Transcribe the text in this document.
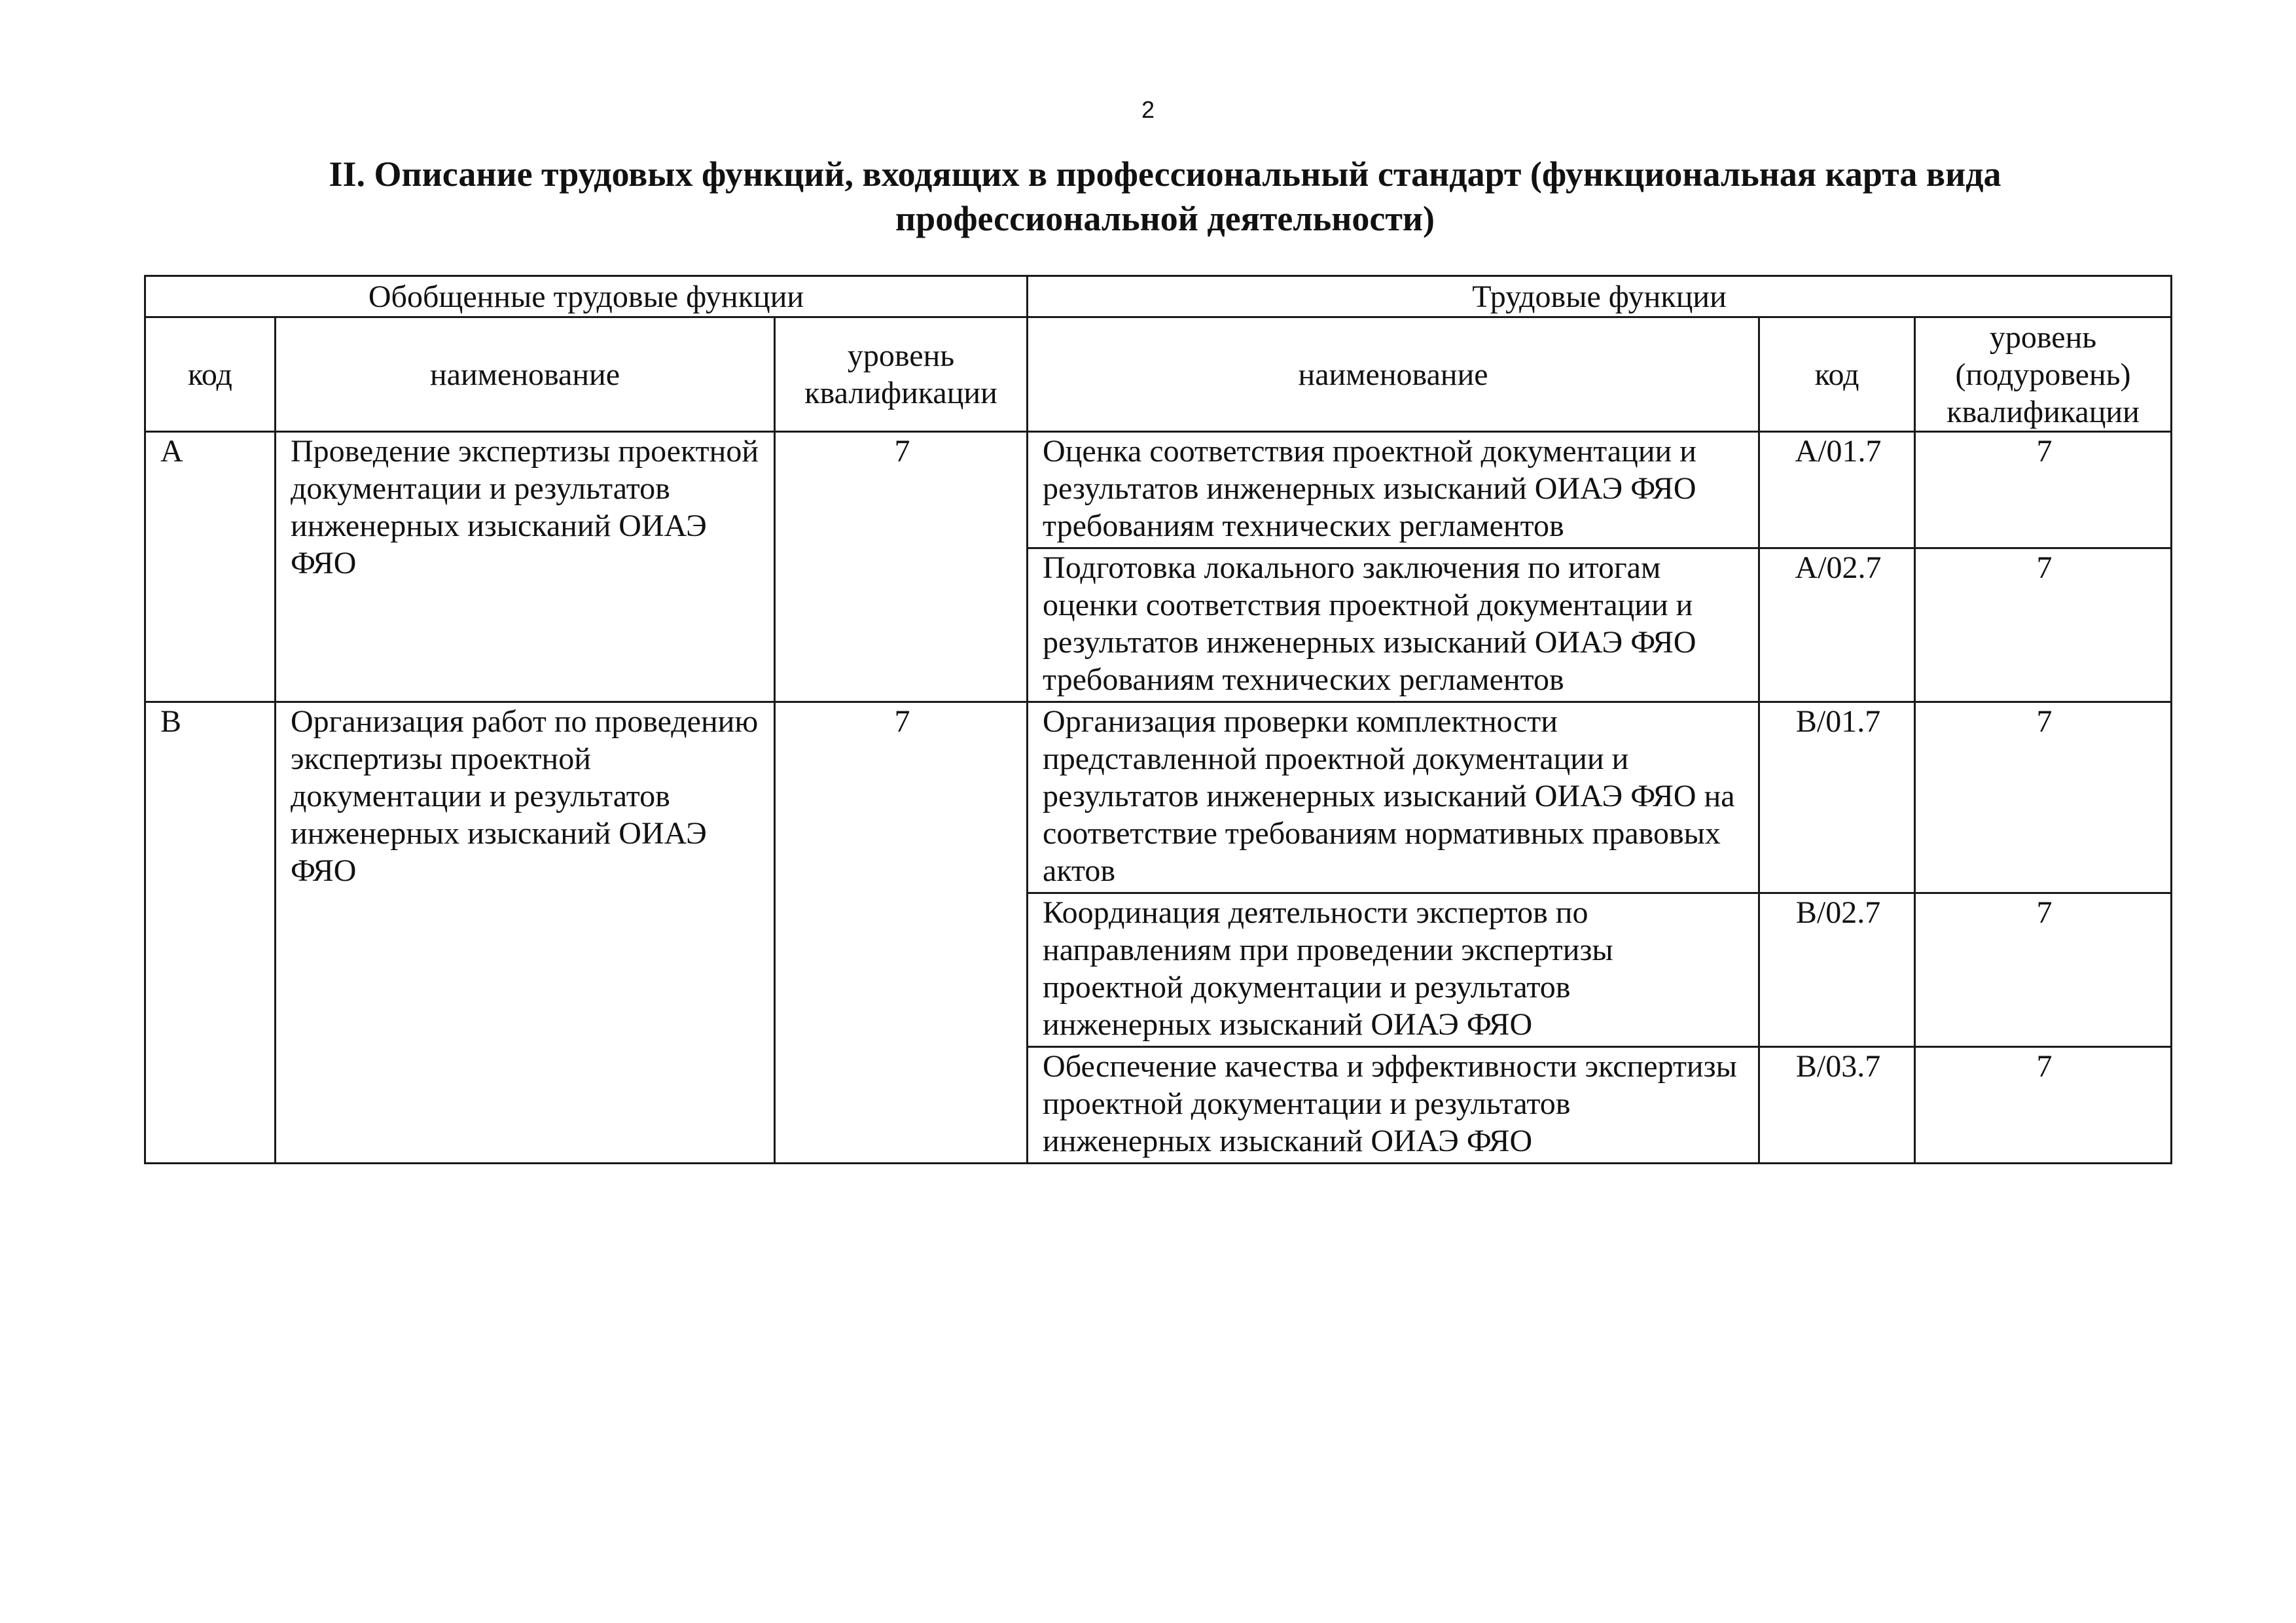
2
II. Описание трудовых функций, входящих в профессиональный стандарт (функциональная карта вида профессиональной деятельности)
Обобщенные трудовые функции			Трудовые функции		
код	наименование	уровень квалификации	наименование	код	уровень (подуровень) квалификации
А	Проведение экспертизы проектной документации и результатов инженерных изысканий ОИАЭ ФЯО	7	Оценка соответствия проектной документации и результатов инженерных изысканий ОИАЭ ФЯО требованиям технических регламентов	А/01.7	7
			Подготовка локального заключения по итогам оценки соответствия проектной документации и результатов инженерных изысканий ОИАЭ ФЯО требованиям технических регламентов	А/02.7	7
В	Организация работ по проведению экспертизы проектной документации и результатов инженерных изысканий ОИАЭ ФЯО	7	Организация проверки комплектности представленной проектной документации и результатов инженерных изысканий ОИАЭ ФЯО на соответствие требованиям нормативных правовых актов	В/01.7	7
			Координация деятельности экспертов по направлениям при проведении экспертизы проектной документации и результатов инженерных изысканий ОИАЭ ФЯО	В/02.7	7
			Обеспечение качества и эффективности экспертизы проектной документации и результатов инженерных изысканий ОИАЭ ФЯО	В/03.7	7
